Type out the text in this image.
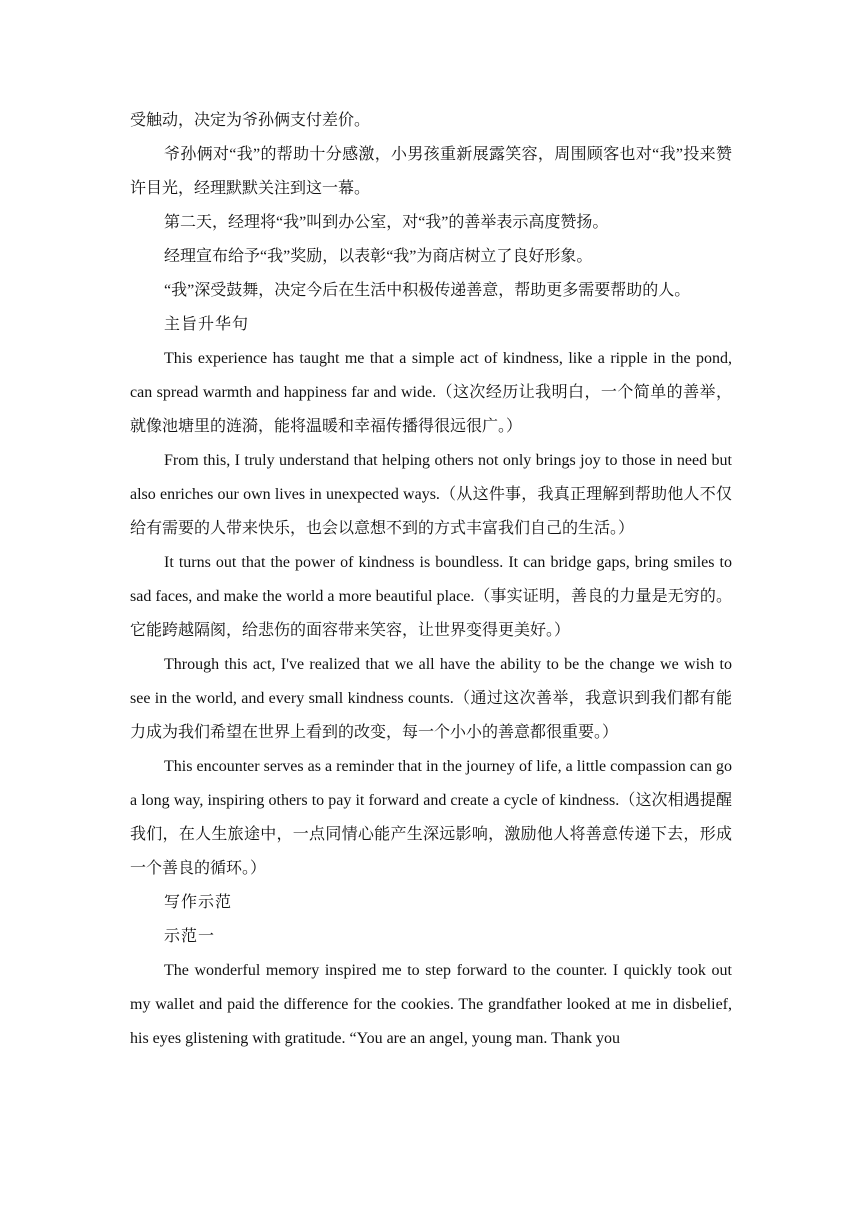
受触动，决定为爷孙俩支付差价。

爷孙俩对“我”的帮助十分感激，小男孩重新展露笑容，周围顾客也对“我”投来赞许目光，经理默默关注到这一幕。

第二天，经理将“我”叫到办公室，对“我”的善举表示高度赞扬。

经理宣布给予“我”奖励，以表彰“我”为商店树立了良好形象。

“我”深受鼓舞，决定今后在生活中积极传递善意，帮助更多需要帮助的人。

主旨升华句

This experience has taught me that a simple act of kindness, like a ripple in the pond, can spread warmth and happiness far and wide.（这次经历让我明白，一个简单的善举，就像池塘里的涟漪，能将温暖和幸福传播得很远很广。）

From this, I truly understand that helping others not only brings joy to those in need but also enriches our own lives in unexpected ways.（从这件事，我真正理解到帮助他人不仅给有需要的人带来快乐，也会以意想不到的方式丰富我们自己的生活。）

It turns out that the power of kindness is boundless. It can bridge gaps, bring smiles to sad faces, and make the world a more beautiful place.（事实证明，善良的力量是无穷的。它能跨越隔阂，给悲伤的面容带来笑容，让世界变得更美好。）

Through this act, I've realized that we all have the ability to be the change we wish to see in the world, and every small kindness counts.（通过这次善举，我意识到我们都有能力成为我们希望在世界上看到的改变，每一个小小的善意都很重要。）

This encounter serves as a reminder that in the journey of life, a little compassion can go a long way, inspiring others to pay it forward and create a cycle of kindness.（这次相遇提醒我们，在人生旅途中，一点同情心能产生深远影响，激励他人将善意传递下去，形成一个善良的循环。）

写作示范

示范一

The wonderful memory inspired me to step forward to the counter. I quickly took out my wallet and paid the difference for the cookies. The grandfather looked at me in disbelief, his eyes glistening with gratitude. “You are an angel, young man. Thank you
